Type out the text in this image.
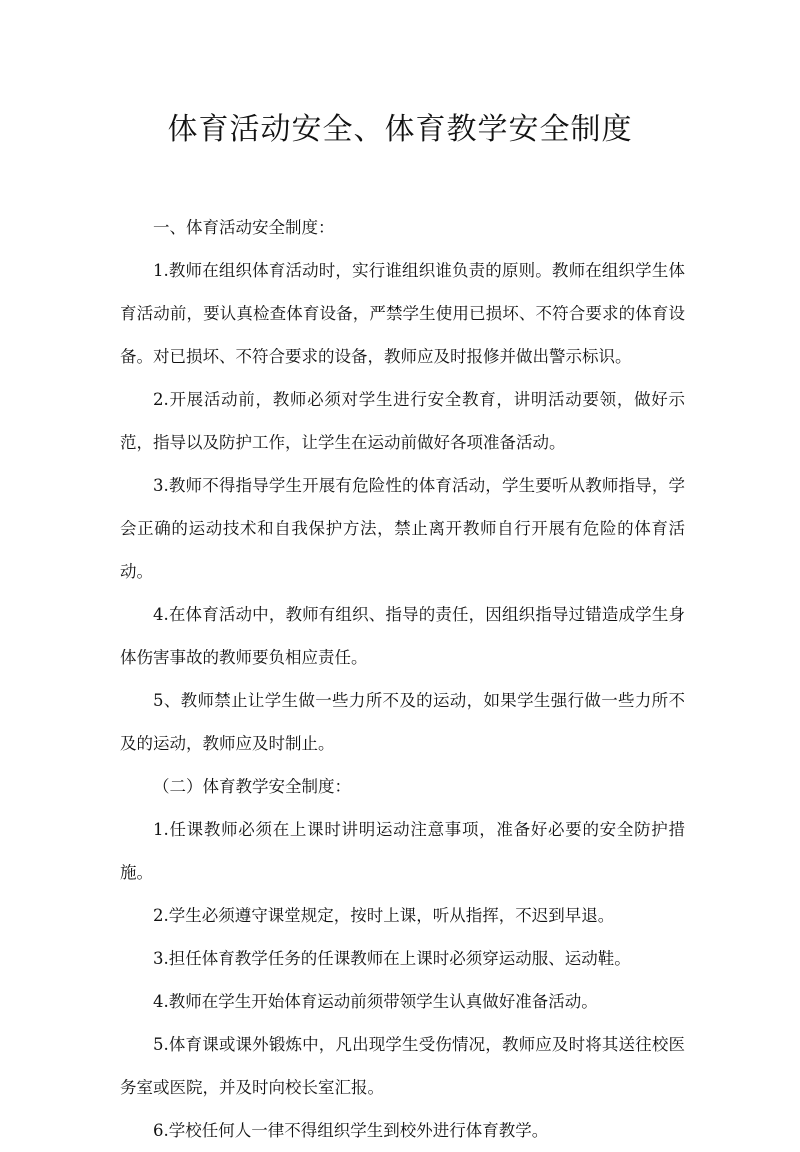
体育活动安全、体育教学安全制度

一、体育活动安全制度：

1.教师在组织体育活动时，实行谁组织谁负责的原则。教师在组织学生体育活动前，要认真检查体育设备，严禁学生使用已损坏、不符合要求的体育设备。对已损坏、不符合要求的设备，教师应及时报修并做出警示标识。

2.开展活动前，教师必须对学生进行安全教育，讲明活动要领，做好示范，指导以及防护工作，让学生在运动前做好各项准备活动。

3.教师不得指导学生开展有危险性的体育活动，学生要听从教师指导，学会正确的运动技术和自我保护方法，禁止离开教师自行开展有危险的体育活动。

4.在体育活动中，教师有组织、指导的责任，因组织指导过错造成学生身体伤害事故的教师要负相应责任。

5、教师禁止让学生做一些力所不及的运动，如果学生强行做一些力所不及的运动，教师应及时制止。

（二）体育教学安全制度：

1.任课教师必须在上课时讲明运动注意事项，准备好必要的安全防护措施。

2.学生必须遵守课堂规定，按时上课，听从指挥，不迟到早退。

3.担任体育教学任务的任课教师在上课时必须穿运动服、运动鞋。

4.教师在学生开始体育运动前须带领学生认真做好准备活动。

5.体育课或课外锻炼中，凡出现学生受伤情况，教师应及时将其送往校医务室或医院，并及时向校长室汇报。

6.学校任何人一律不得组织学生到校外进行体育教学。
